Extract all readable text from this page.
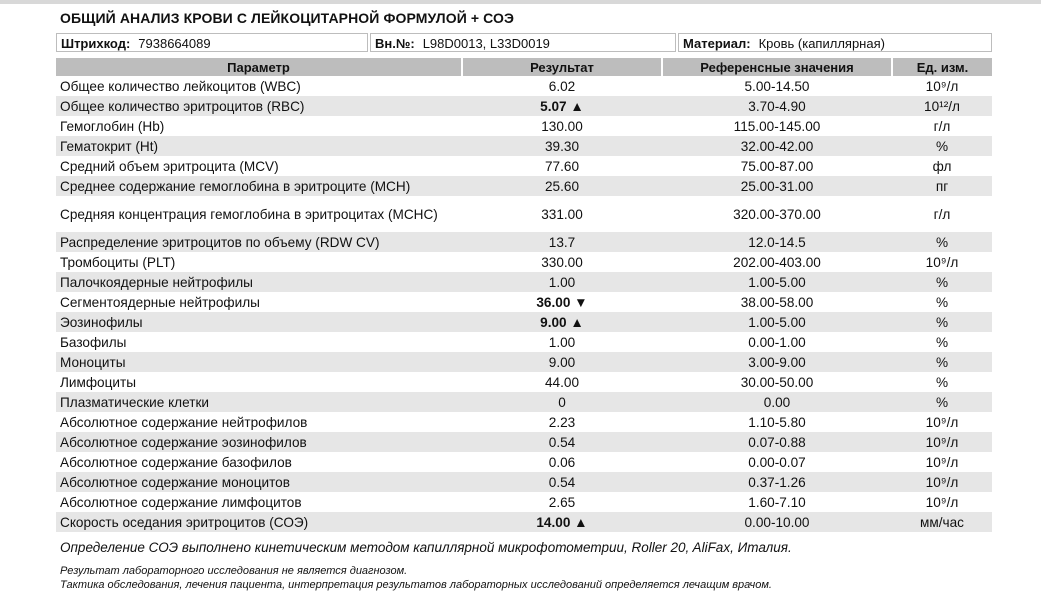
ОБЩИЙ АНАЛИЗ КРОВИ С ЛЕЙКОЦИТАРНОЙ ФОРМУЛОЙ + СОЭ
Штрихкод: 7938664089	Вн.№: L98D0013, L33D0019	Материал: Кровь (капиллярная)
Параметр	Результат	Референсные значения	Ед. изм.
Общее количество лейкоцитов (WBC)	6.02	5.00-14.50	10⁹/л
Общее количество эритроцитов (RBC)	5.07 ▲	3.70-4.90	10¹²/л
Гемоглобин (Hb)	130.00	115.00-145.00	г/л
Гематокрит (Ht)	39.30	32.00-42.00	%
Средний объем эритроцита (MCV)	77.60	75.00-87.00	фл
Среднее содержание гемоглобина в эритроците (MCH)	25.60	25.00-31.00	пг
Средняя концентрация гемоглобина в эритроцитах (MCHC)	331.00	320.00-370.00	г/л
Распределение эритроцитов по объему (RDW CV)	13.7	12.0-14.5	%
Тромбоциты (PLT)	330.00	202.00-403.00	10⁹/л
Палочкоядерные нейтрофилы	1.00	1.00-5.00	%
Сегментоядерные нейтрофилы	36.00 ▼	38.00-58.00	%
Эозинофилы	9.00 ▲	1.00-5.00	%
Базофилы	1.00	0.00-1.00	%
Моноциты	9.00	3.00-9.00	%
Лимфоциты	44.00	30.00-50.00	%
Плазматические клетки	0	0.00	%
Абсолютное содержание нейтрофилов	2.23	1.10-5.80	10⁹/л
Абсолютное содержание эозинофилов	0.54	0.07-0.88	10⁹/л
Абсолютное содержание базофилов	0.06	0.00-0.07	10⁹/л
Абсолютное содержание моноцитов	0.54	0.37-1.26	10⁹/л
Абсолютное содержание лимфоцитов	2.65	1.60-7.10	10⁹/л
Скорость оседания эритроцитов (СОЭ)	14.00 ▲	0.00-10.00	мм/час
Определение СОЭ выполнено кинетическим методом капиллярной микрофотометрии, Roller 20, AliFax, Италия.
Результат лабораторного исследования не является диагнозом.
Тактика обследования, лечения пациента, интерпретация результатов лабораторных исследований определяется лечащим врачом.
